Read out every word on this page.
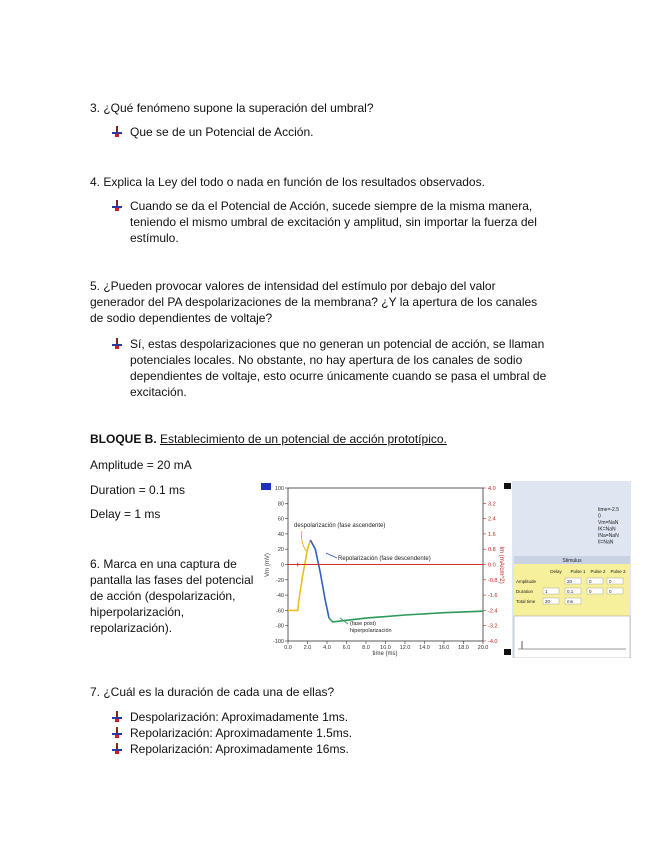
3. ¿Qué fenómeno supone la superación del umbral?
Que se de un Potencial de Acción.
4. Explica la Ley del todo o nada en función de los resultados observados.
Cuando se da el Potencial de Acción, sucede siempre de la misma manera, teniendo el mismo umbral de excitación y amplitud, sin importar la fuerza del estímulo.
5. ¿Pueden provocar valores de intensidad del estímulo por debajo del valor generador del PA despolarizaciones de la membrana? ¿Y la apertura de los canales de sodio dependientes de voltaje?
Sí, estas despolarizaciones que no generan un potencial de acción, se llaman potenciales locales. No obstante, no hay apertura de los canales de sodio dependientes de voltaje, esto ocurre únicamente cuando se pasa el umbral de excitación.
BLOQUE B. Establecimiento de un potencial de acción prototípico.
Amplitude = 20 mA
Duration = 0.1 ms
Delay = 1 ms
6. Marca en una captura de pantalla las fases del potencial de acción (despolarización, hiperpolarización, repolarización).
100
80
60
40
20
0
-20
-40
-60
-80
-100
4.0
3.2
2.4
1.6
0.8
0.0
-0.8
-1.6
-2.4
-3.2
-4.0
0.0 2.0 4.0 6.0 8.0 10.0 12.0 14.0 16.0 18.0 20.0
Vm (mV)	Im (mA/cm^2)
time (ms)
despolarización (fase ascendente)
Repolarización (fase descendente)
(fase post)
hiperpolarización
time=-2.5
0
Vm=NaN
IK=NaN
INa=NaN
Il=NaN
Stimulus
Delay Pulse 1 Pulse 2 Pulse 3
Amplitude	20	0	0
Duration	1	0.1	0	0
Total time 20	ms
7. ¿Cuál es la duración de cada una de ellas?
Despolarización: Aproximadamente 1ms.
Repolarización: Aproximadamente 1.5ms.
Repolarización: Aproximadamente 16ms.
